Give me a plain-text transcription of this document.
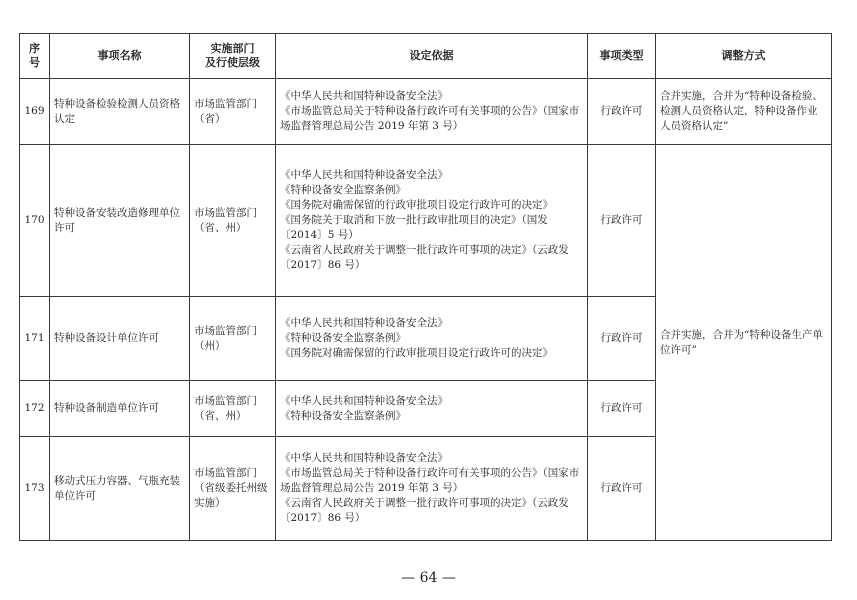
序
号	事项名称	实施部门
及行使层级	设定依据	事项类型	调整方式
169	特种设备检验检测人员资格认定	市场监管部门（省）	《中华人民共和国特种设备安全法》
《市场监管总局关于特种设备行政许可有关事项的公告》（国家市场监督管理总局公告 2019 年第 3 号）	行政许可	合并实施，合并为“特种设备检验、检测人员资格认定，特种设备作业人员资格认定”
170	特种设备安装改造修理单位许可	市场监管部门（省、州）	《中华人民共和国特种设备安全法》
《特种设备安全监察条例》
《国务院对确需保留的行政审批项目设定行政许可的决定》
《国务院关于取消和下放一批行政审批项目的决定》（国发〔2014〕5 号）
《云南省人民政府关于调整一批行政许可事项的决定》（云政发〔2017〕86 号）	行政许可	合并实施，合并为“特种设备生产单位许可”
171	特种设备设计单位许可	市场监管部门（州）	《中华人民共和国特种设备安全法》
《特种设备安全监察条例》
《国务院对确需保留的行政审批项目设定行政许可的决定》	行政许可	
172	特种设备制造单位许可	市场监管部门（省、州）	《中华人民共和国特种设备安全法》
《特种设备安全监察条例》	行政许可	
173	移动式压力容器、气瓶充装单位许可	市场监管部门（省级委托州级实施）	《中华人民共和国特种设备安全法》
《市场监管总局关于特种设备行政许可有关事项的公告》（国家市场监督管理总局公告 2019 年第 3 号）
《云南省人民政府关于调整一批行政许可事项的决定》（云政发〔2017〕86 号）	行政许可	
— 64 —
